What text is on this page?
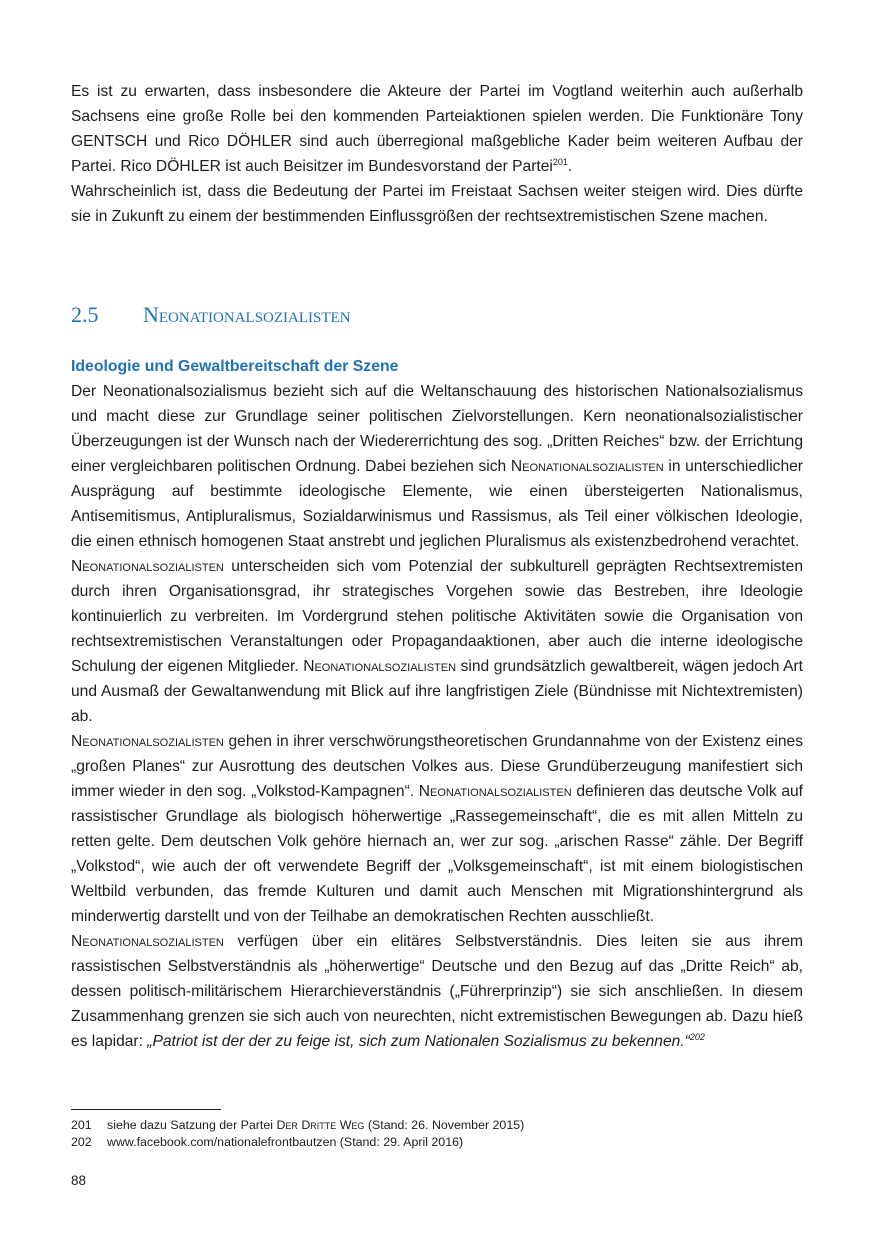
Es ist zu erwarten, dass insbesondere die Akteure der Partei im Vogtland weiterhin auch außerhalb Sachsens eine große Rolle bei den kommenden Parteiaktionen spielen werden. Die Funktionäre Tony GENTSCH und Rico DÖHLER sind auch überregional maßgebliche Kader beim weiteren Aufbau der Partei. Rico DÖHLER ist auch Beisitzer im Bundesvorstand der Partei$^{201}$.

Wahrscheinlich ist, dass die Bedeutung der Partei im Freistaat Sachsen weiter steigen wird. Dies dürfte sie in Zukunft zu einem der bestimmenden Einflussgrößen der rechtsextremistischen Szene machen.

2.5 Neonationalsozialisten
Ideologie und Gewaltbereitschaft der Szene

Der Neonationalsozialismus bezieht sich auf die Weltanschauung des historischen Nationalsozialismus und macht diese zur Grundlage seiner politischen Zielvorstellungen. Kern neonationalsozialistischer Überzeugungen ist der Wunsch nach der Wiedererrichtung des sog. „Dritten Reiches“ bzw. der Errichtung einer vergleichbaren politischen Ordnung. Dabei beziehen sich Neonationalsozialisten in unterschiedlicher Ausprägung auf bestimmte ideologische Elemente, wie einen übersteigerten Nationalismus, Antisemitismus, Antipluralismus, Sozialdarwinismus und Rassismus, als Teil einer völkischen Ideologie, die einen ethnisch homogenen Staat anstrebt und jeglichen Pluralismus als existenzbedrohend verachtet.

Neonationalsozialisten unterscheiden sich vom Potenzial der subkulturell geprägten Rechtsextremisten durch ihren Organisationsgrad, ihr strategisches Vorgehen sowie das Bestreben, ihre Ideologie kontinuierlich zu verbreiten. Im Vordergrund stehen politische Aktivitäten sowie die Organisation von rechtsextremistischen Veranstaltungen oder Propagandaaktionen, aber auch die interne ideologische Schulung der eigenen Mitglieder. Neonationalsozialisten sind grundsätzlich gewaltbereit, wägen jedoch Art und Ausmaß der Gewaltanwendung mit Blick auf ihre langfristigen Ziele (Bündnisse mit Nichtextremisten) ab.

Neonationalsozialisten gehen in ihrer verschwörungstheoretischen Grundannahme von der Existenz eines „großen Planes“ zur Ausrottung des deutschen Volkes aus. Diese Grundüberzeugung manifestiert sich immer wieder in den sog. „Volkstod-Kampagnen“. Neonationalsozialisten definieren das deutsche Volk auf rassistischer Grundlage als biologisch höherwertige „Rassegemeinschaft“, die es mit allen Mitteln zu retten gelte. Dem deutschen Volk gehöre hiernach an, wer zur sog. „arischen Rasse“ zähle. Der Begriff „Volkstod“, wie auch der oft verwendete Begriff der „Volksgemeinschaft“, ist mit einem biologistischen Weltbild verbunden, das fremde Kulturen und damit auch Menschen mit Migrationshintergrund als minderwertig darstellt und von der Teilhabe an demokratischen Rechten ausschließt.

Neonationalsozialisten verfügen über ein elitäres Selbstverständnis. Dies leiten sie aus ihrem rassistischen Selbstverständnis als „höherwertige“ Deutsche und den Bezug auf das „Dritte Reich“ ab, dessen politisch-militärischem Hierarchieverständnis („Führerprinzip“) sie sich anschließen. In diesem Zusammenhang grenzen sie sich auch von neurechten, nicht extremistischen Bewegungen ab. Dazu hieß es lapidar: „Patriot ist der der zu feige ist, sich zum Nationalen Sozialismus zu bekennen.“$^{202}$

201 siehe dazu Satzung der Partei Der Dritte Weg (Stand: 26. November 2015)

202 www.facebook.com/nationalefrontbautzen (Stand: 29. April 2016)

88
